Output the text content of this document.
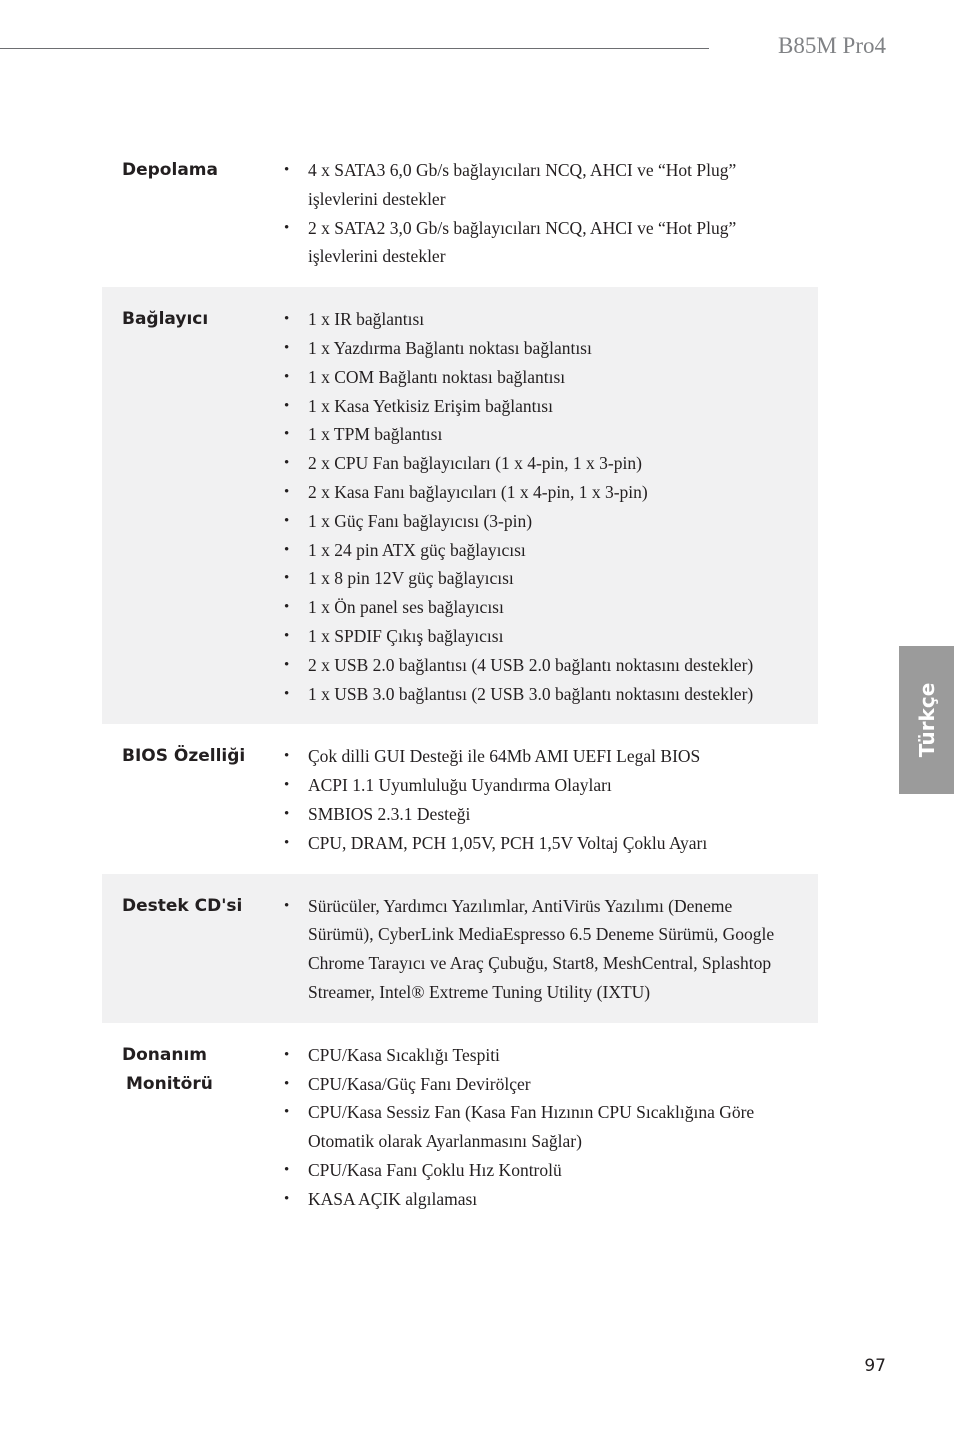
B85M Pro4
Türkçe
Depolama	• 4 x SATA3 6,0 Gb/s bağlayıcıları NCQ, AHCI ve “Hot Plug” işlevlerini destekler
• 2 x SATA2 3,0 Gb/s bağlayıcıları NCQ, AHCI ve “Hot Plug” işlevlerini destekler
Bağlayıcı	• 1 x IR bağlantısı
• 1 x Yazdırma Bağlantı noktası bağlantısı
• 1 x COM Bağlantı noktası bağlantısı
• 1 x Kasa Yetkisiz Erişim bağlantısı
• 1 x TPM bağlantısı
• 2 x CPU Fan bağlayıcıları (1 x 4-pin, 1 x 3-pin)
• 2 x Kasa Fanı bağlayıcıları (1 x 4-pin, 1 x 3-pin)
• 1 x Güç Fanı bağlayıcısı (3-pin)
• 1 x 24 pin ATX güç bağlayıcısı
• 1 x 8 pin 12V güç bağlayıcısı
• 1 x Ön panel ses bağlayıcısı
• 1 x SPDIF Çıkış bağlayıcısı
• 2 x USB 2.0 bağlantısı (4 USB 2.0 bağlantı noktasını destekler)
• 1 x USB 3.0 bağlantısı (2 USB 3.0 bağlantı noktasını destekler)
BIOS Özelliği	• Çok dilli GUI Desteği ile 64Mb AMI UEFI Legal BIOS
• ACPI 1.1 Uyumluluğu Uyandırma Olayları
• SMBIOS 2.3.1 Desteği
• CPU, DRAM, PCH 1,05V, PCH 1,5V Voltaj Çoklu Ayarı
Destek CD'si	• Sürücüler, Yardımcı Yazılımlar, AntiVirüs Yazılımı (Deneme Sürümü), CyberLink MediaEspresso 6.5 Deneme Sürümü, Google Chrome Tarayıcı ve Araç Çubuğu, Start8, MeshCentral, Splashtop Streamer, Intel® Extreme Tuning Utility (IXTU)
Donanım
Monitörü
• CPU/Kasa Sıcaklığı Tespiti
• CPU/Kasa/Güç Fanı Devirölçer
• CPU/Kasa Sessiz Fan (Kasa Fan Hızının CPU Sıcaklığına Göre Otomatik olarak Ayarlanmasını Sağlar)
• CPU/Kasa Fanı Çoklu Hız Kontrolü
• KASA AÇIK algılaması
97
